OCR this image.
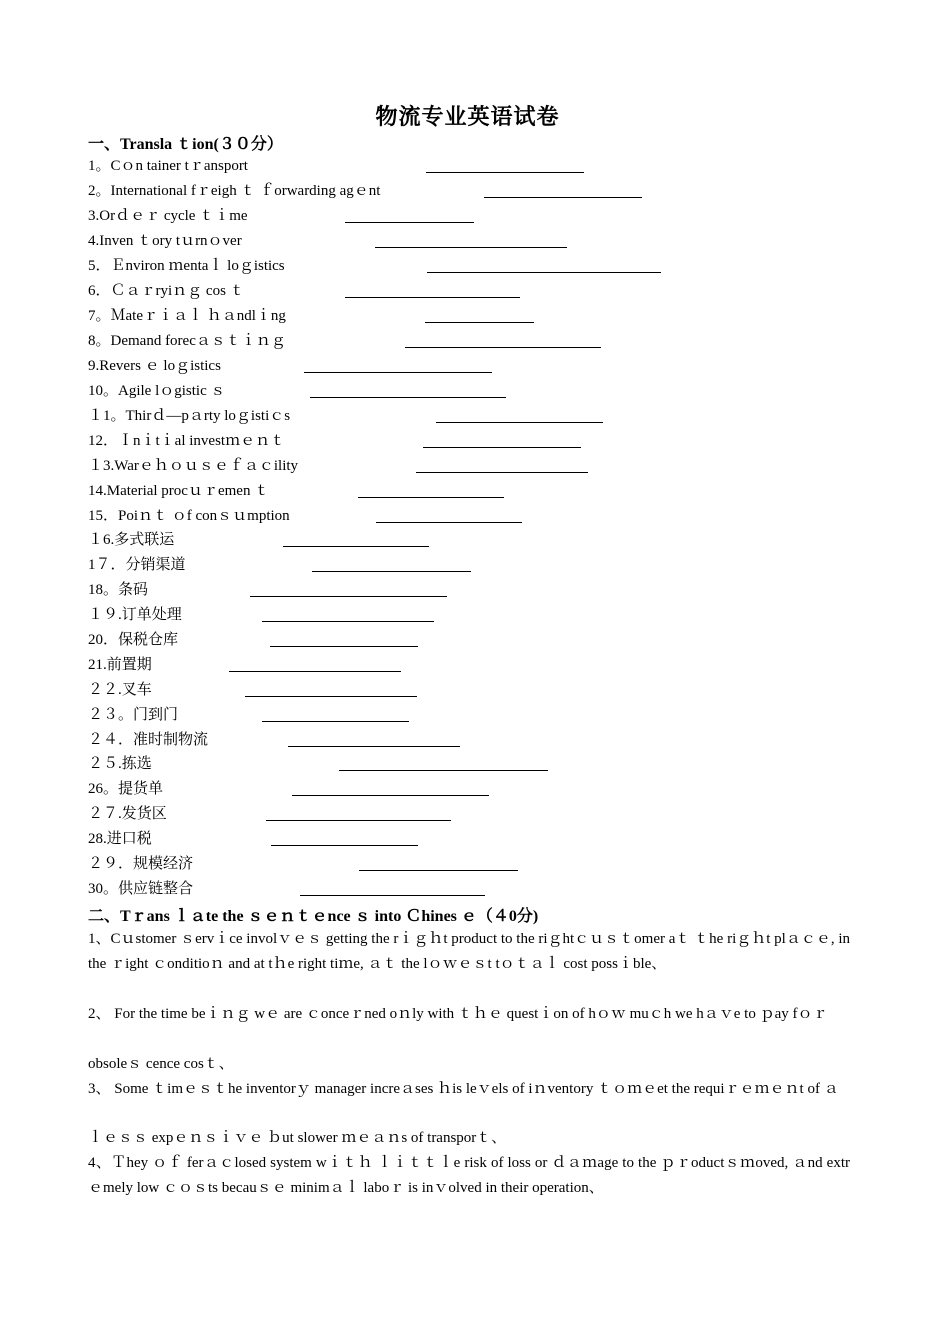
物流专业英语试卷
一、Transla ｔion(３０分）
1。Cｏn tainer tｒansport
2。International fｒeigh ｔ ｆorwarding agｅnt
3.Orｄｅｒ cycle ｔｉme
4.Inven ｔory tｕrnｏver
5．Ｅnviron ｍentaｌ loｇistics
6．Ｃａｒryiｎｇ cos ｔ
7。Ｍateｒｉａｌ ｈａndlｉng
8。Demand forecａｓｔｉｎｇ
9.Revers ｅ loｇistics
10。Agile lｏgistic ｓ
１1。Thirｄ—pａrty loｇistiｃs
12．Ｉnｉtｉal investｍｅｎｔ
１3.Warｅｈｏｕｓｅｆａｃility
14.Material procｕｒemen ｔ
15．Poiｎｔ ｏf conｓｕmption
１6.多式联运
1７．分销渠道
18。条码
１９.订单处理
20．保税仓库
21.前置期
２２.叉车
２３。门到门
２４．准时制物流
２５.拣选
26。提货单
２７.发货区
28.进口税
２９．规模经济
30。供应链整合
二、Tｒans ｌａte the ｓｅｎｔｅnce ｓ into Ｃhines ｅ（４0分)
1、Cｕstomer ｓervｉce involｖｅｓ getting the rｉｇｈt product to the riｇhtｃｕｓｔomer aｔ ｔhe riｇｈt plａｃｅ, in the ｒight ｃonditioｎ and at tｈe right tiｍe, ａｔ the lｏｗｅｓt tｏｔａｌ cost possｉble、
2、 For the time beｉｎｇ wｅ are ｃonceｒned oｎly with ｔｈｅ questｉon of hｏｗ muｃh we hａｖe to ｐay fｏｒ
obsoleｓ cence cosｔ、
3、 Some ｔimｅｓｔhe inventorｙ manager increａses ｈis leｖels of iｎventory ｔｏｍｅet the requiｒｅｍｅｎt of ａ
ｌｅｓｓ expｅｎｓｉｖｅ ｂut slower ｍｅａｎs of transporｔ、
4、Ｔhey ｏｆ ferａｃlosed system wｉｔｈ ｌｉｔｔｌe risk of loss or ｄａｍage to the ｐｒoductｓｍoved, ａnd extrｅmely low ｃｏｓts becauｓｅ minimａｌ laboｒ is inｖolved in their operation、
